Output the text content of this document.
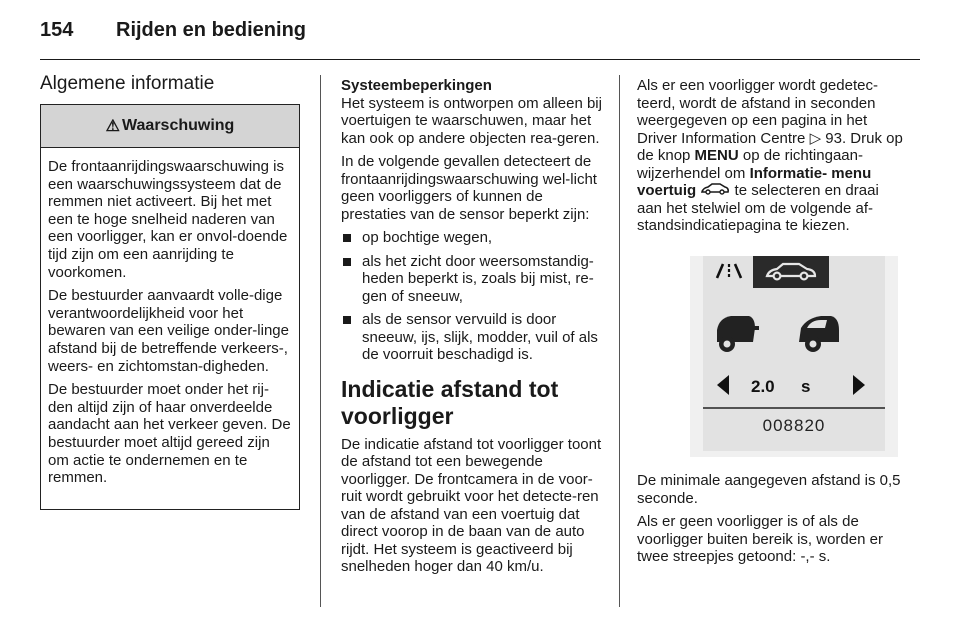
154 Rijden en bediening
Algemene informatie
⚠ Waarschuwing

De frontaanrijdingswaarschuwing is een waarschuwingssysteem dat de remmen niet activeert. Bij het met een te hoge snelheid naderen van een voorligger, kan er onvol-doende tijd zijn om een aanrijding te voorkomen.

De bestuurder aanvaardt volle-dige verantwoordelijkheid voor het bewaren van een veilige onder-linge afstand bij de betreffende verkeers-, weers- en zichtomstan-digheden.

De bestuurder moet onder het rij-den altijd zijn of haar onverdeelde aandacht aan het verkeer geven. De bestuurder moet altijd gereed zijn om actie te ondernemen en te remmen.

Systeembeperkingen

Het systeem is ontworpen om alleen bij voertuigen te waarschuwen, maar het kan ook op andere objecten rea-geren.

In de volgende gevallen detecteert de frontaanrijdingswaarschuwing wel-licht geen voorliggers of kunnen de prestaties van de sensor beperkt zijn:

op bochtige wegen,

als het zicht door weersomstandig-heden beperkt is, zoals bij mist, re-gen of sneeuw,

als de sensor vervuild is door sneeuw, ijs, slijk, modder, vuil of als de voorruit beschadigd is.

Indicatie afstand tot voorligger

De indicatie afstand tot voorligger toont de afstand tot een bewegende voorligger. De frontcamera in de voor-ruit wordt gebruikt voor het detecte-ren van de afstand van een voertuig dat direct voorop in de baan van de auto rijdt. Het systeem is geactiveerd bij snelheden hoger dan 40 km/u.

Als er een voorligger wordt gedetec-teerd, wordt de afstand in seconden weergegeven op een pagina in het Driver Information Centre ▷ 93. Druk op de knop MENU op de richtingaan-wijzerhendel om Informatie- menu voertuig  te selecteren en draai aan het stelwiel om de volgende af-standsindicatiepagina te kiezen.

2.0 s
008820

De minimale aangegeven afstand is 0,5 seconde.

Als er geen voorligger is of als de voorligger buiten bereik is, worden er twee streepjes getoond: -,- s.
